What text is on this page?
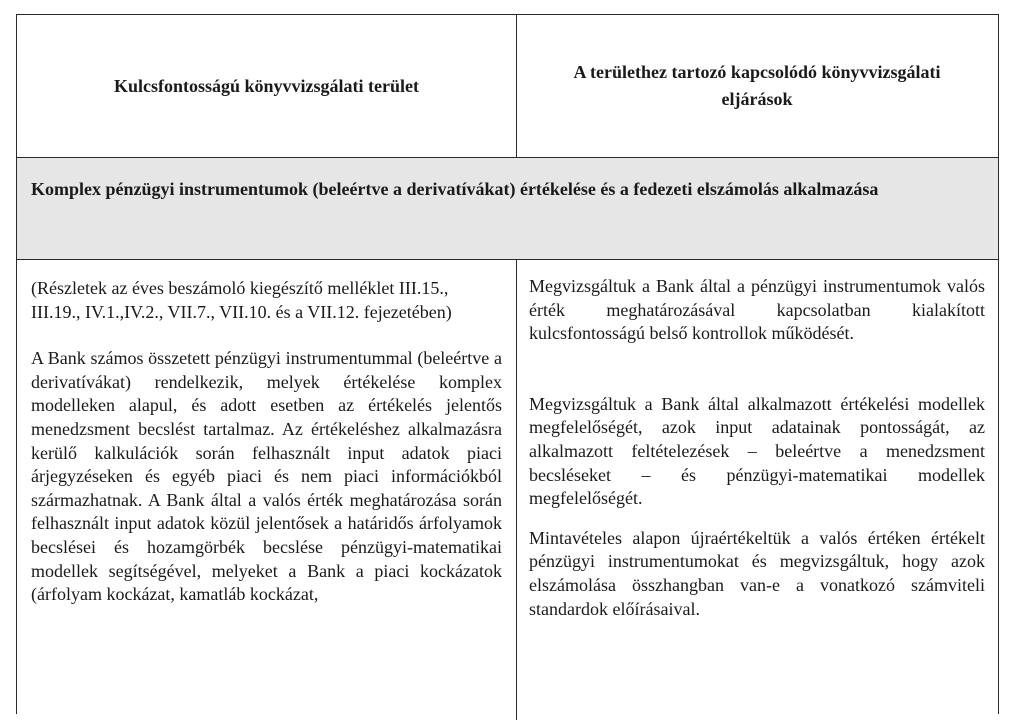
Kulcsfontosságú könyvvizsgálati terület
A területhez tartozó kapcsolódó könyvvizsgálati eljárások
Komplex pénzügyi instrumentumok (beleértve a derivatívákat) értékelése és a fedezeti elszámolás alkalmazása

(Részletek az éves beszámoló kiegészítő melléklet III.15., III.19., IV.1.,IV.2., VII.7., VII.10. és a VII.12. fejezetében)

A Bank számos összetett pénzügyi instrumentummal (beleértve a derivatívákat) rendelkezik, melyek értékelése komplex modelleken alapul, és adott esetben az értékelés jelentős menedzsment becslést tartalmaz. Az értékeléshez alkalmazásra kerülő kalkulációk során felhasznált input adatok piaci árjegyzéseken és egyéb piaci és nem piaci információkból származhatnak. A Bank által a valós érték meghatározása során felhasznált input adatok közül jelentősek a határidős árfolyamok becslései és hozamgörbék becslése pénzügyi-matematikai modellek segítségével, melyeket a Bank a piaci kockázatok (árfolyam kockázat, kamatláb kockázat,

Megvizsgáltuk a Bank által a pénzügyi instrumentumok valós érték meghatározásával kapcsolatban kialakított kulcsfontosságú belső kontrollok működését.

Megvizsgáltuk a Bank által alkalmazott értékelési modellek megfelelőségét, azok input adatainak pontosságát, az alkalmazott feltételezések – beleértve a menedzsment becsléseket – és pénzügyi-matematikai modellek megfelelőségét.

Mintavételes alapon újraértékeltük a valós értéken értékelt pénzügyi instrumentumokat és megvizsgáltuk, hogy azok elszámolása összhangban van-e a vonatkozó számviteli standardok előírásaival.
